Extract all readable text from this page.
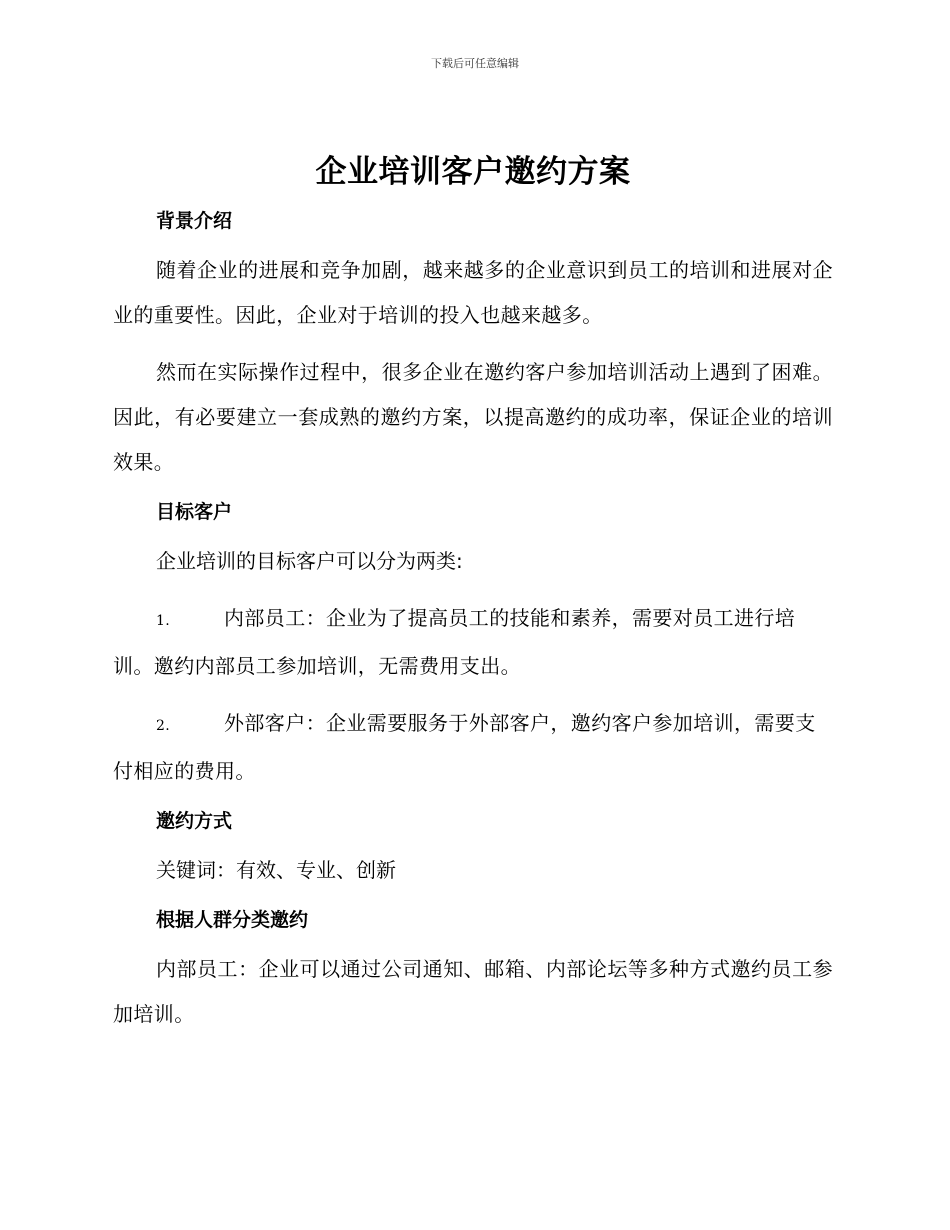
下载后可任意编辑
企业培训客户邀约方案
背景介绍

随着企业的进展和竞争加剧，越来越多的企业意识到员工的培训和进展对企业的重要性。因此，企业对于培训的投入也越来越多。

然而在实际操作过程中，很多企业在邀约客户参加培训活动上遇到了困难。因此，有必要建立一套成熟的邀约方案，以提高邀约的成功率，保证企业的培训效果。

目标客户

企业培训的目标客户可以分为两类:

1.	内部员工：企业为了提高员工的技能和素养，需要对员工进行培训。邀约内部员工参加培训，无需费用支出。

2.	外部客户：企业需要服务于外部客户，邀约客户参加培训，需要支付相应的费用。

邀约方式

关键词：有效、专业、创新

根据人群分类邀约

内部员工：企业可以通过公司通知、邮箱、内部论坛等多种方式邀约员工参加培训。
